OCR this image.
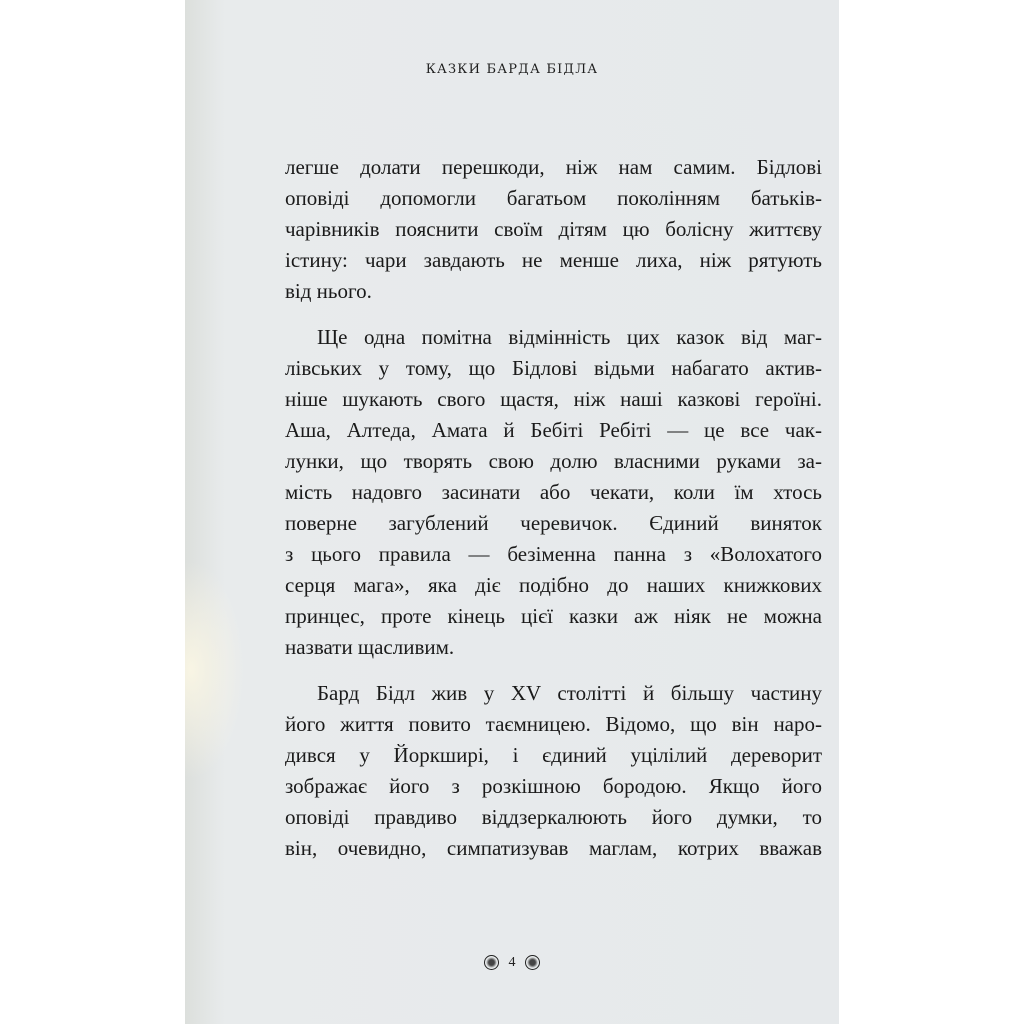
КАЗКИ БАРДА БІДЛА
легше долати перешкоди, ніж нам самим. Бідлові
оповіді допомогли багатьом поколінням батьків-
чарівників пояснити своїм дітям цю болісну життєву
істину: чари завдають не менше лиха, ніж рятують
від нього.
Ще одна помітна відмінність цих казок від маг-
лівських у тому, що Бідлові відьми набагато актив-
ніше шукають свого щастя, ніж наші казкові героїні.
Аша, Алтеда, Амата й Бебіті Ребіті — це все чак-
лунки, що творять свою долю власними руками за-
мість надовго засинати або чекати, коли їм хтось
поверне загублений черевичок. Єдиний виняток
з цього правила — безіменна панна з «Волохатого
серця мага», яка діє подібно до наших книжкових
принцес, проте кінець цієї казки аж ніяк не можна
назвати щасливим.
Бард Бідл жив у XV столітті й більшу частину
його життя повито таємницею. Відомо, що він наро-
дився у Йоркширі, і єдиний уцілілий дереворит
зображає його з розкішною бородою. Якщо його
оповіді правдиво віддзеркалюють його думки, то
він, очевидно, симпатизував маглам, котрих вважав
4
